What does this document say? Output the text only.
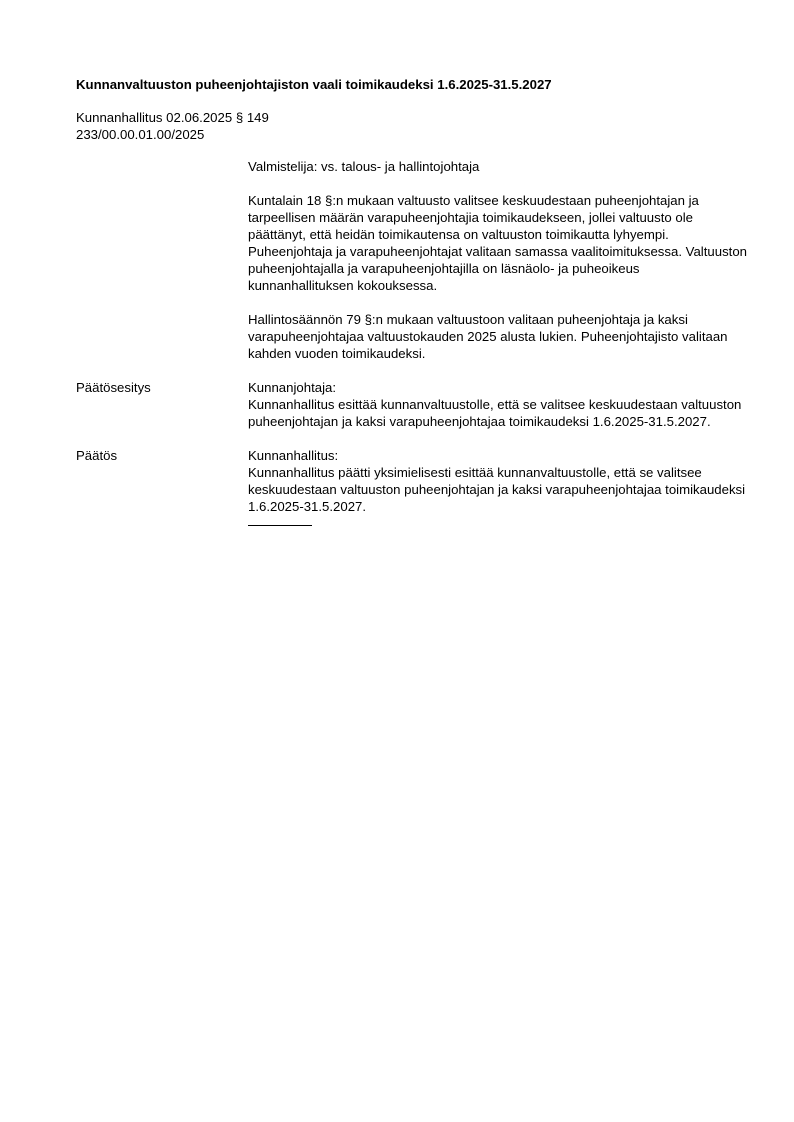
Kunnanvaltuuston puheenjohtajiston vaali toimikaudeksi 1.6.2025-31.5.2027
Kunnanhallitus 02.06.2025 § 149
233/00.00.01.00/2025

Valmistelija: vs. talous- ja hallintojohtaja

Kuntalain 18 §:n mukaan valtuusto valitsee keskuudestaan puheenjohtajan ja tarpeellisen määrän varapuheenjohtajia toimikaudekseen, jollei valtuusto ole päättänyt, että heidän toimikautensa on valtuuston toimikautta lyhyempi. Puheenjohtaja ja varapuheenjohtajat valitaan samassa vaalitoimituksessa. Valtuuston puheenjohtajalla ja varapuheenjohtajilla on läsnäolo- ja puheoikeus kunnanhallituksen kokouksessa.

Hallintosäännön 79 §:n mukaan valtuustoon valitaan puheenjohtaja ja kaksi varapuheenjohtajaa valtuustokauden 2025 alusta lukien. Puheenjohtajisto valitaan kahden vuoden toimikaudeksi.

Päätösesitys	Kunnanjohtaja:

Kunnanhallitus esittää kunnanvaltuustolle, että se valitsee keskuudestaan valtuuston puheenjohtajan ja kaksi varapuheenjohtajaa toimikaudeksi 1.6.2025-31.5.2027.

Päätös	Kunnanhallitus:

Kunnanhallitus päätti yksimielisesti esittää kunnanvaltuustolle, että se valitsee keskuudestaan valtuuston puheenjohtajan ja kaksi varapuheenjohtajaa toimikaudeksi 1.6.2025-31.5.2027.
